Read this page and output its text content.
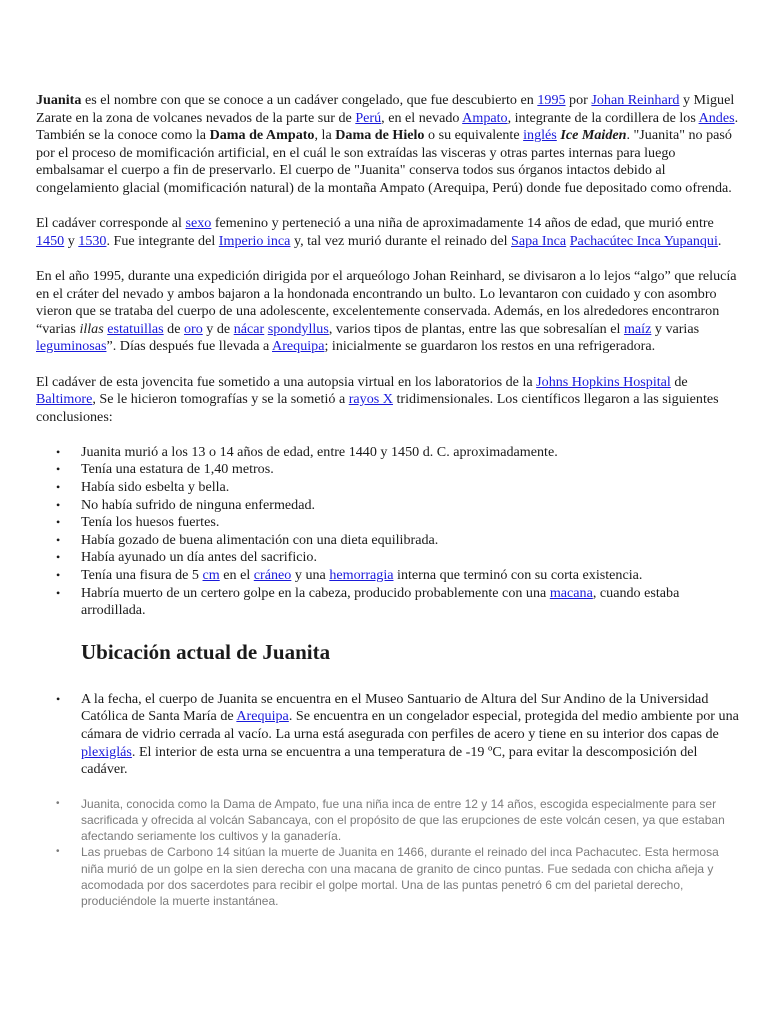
Juanita es el nombre con que se conoce a un cadáver congelado, que fue descubierto en 1995 por Johan Reinhard y Miguel Zarate en la zona de volcanes nevados de la parte sur de Perú, en el nevado Ampato, integrante de la cordillera de los Andes. También se la conoce como la Dama de Ampato, la Dama de Hielo o su equivalente inglés Ice Maiden. "Juanita" no pasó por el proceso de momificación artificial, en el cuál le son extraídas las visceras y otras partes internas para luego embalsamar el cuerpo a fin de preservarlo. El cuerpo de "Juanita" conserva todos sus órganos intactos debido al congelamiento glacial (momificación natural) de la montaña Ampato (Arequipa, Perú) donde fue depositado como ofrenda.

El cadáver corresponde al sexo femenino y perteneció a una niña de aproximadamente 14 años de edad, que murió entre 1450 y 1530. Fue integrante del Imperio inca y, tal vez murió durante el reinado del Sapa Inca Pachacútec Inca Yupanqui.

En el año 1995, durante una expedición dirigida por el arqueólogo Johan Reinhard, se divisaron a lo lejos “algo” que relucía en el cráter del nevado y ambos bajaron a la hondonada encontrando un bulto. Lo levantaron con cuidado y con asombro vieron que se trataba del cuerpo de una adolescente, excelentemente conservada. Además, en los alrededores encontraron “varias illas estatuillas de oro y de nácar spondyllus, varios tipos de plantas, entre las que sobresalían el maíz y varias leguminosas”. Días después fue llevada a Arequipa; inicialmente se guardaron los restos en una refrigeradora.

El cadáver de esta jovencita fue sometido a una autopsia virtual en los laboratorios de la Johns Hopkins Hospital de Baltimore, Se le hicieron tomografías y se la sometió a rayos X tridimensionales. Los científicos llegaron a las siguientes conclusiones:

• Juanita murió a los 13 o 14 años de edad, entre 1440 y 1450 d. C. aproximadamente.
• Tenía una estatura de 1,40 metros.
• Había sido esbelta y bella.
• No había sufrido de ninguna enfermedad.
• Tenía los huesos fuertes.
• Había gozado de buena alimentación con una dieta equilibrada.
• Había ayunado un día antes del sacrificio.
• Tenía una fisura de 5 cm en el cráneo y una hemorragia interna que terminó con su corta existencia.
• Habría muerto de un certero golpe en la cabeza, producido probablemente con una macana, cuando estaba arrodillada.
Ubicación actual de Juanita
• A la fecha, el cuerpo de Juanita se encuentra en el Museo Santuario de Altura del Sur Andino de la Universidad Católica de Santa María de Arequipa. Se encuentra en un congelador especial, protegida del medio ambiente por una cámara de vidrio cerrada al vacío. La urna está asegurada con perfiles de acero y tiene en su interior dos capas de plexiglás. El interior de esta urna se encuentra a una temperatura de -19 ºC, para evitar la descomposición del cadáver.
• Juanita, conocida como la Dama de Ampato, fue una niña inca de entre 12 y 14 años, escogida especialmente para ser sacrificada y ofrecida al volcán Sabancaya, con el propósito de que las erupciones de este volcán cesen, ya que estaban afectando seriamente los cultivos y la ganadería.
• Las pruebas de Carbono 14 sitúan la muerte de Juanita en 1466, durante el reinado del inca Pachacutec. Esta hermosa niña murió de un golpe en la sien derecha con una macana de granito de cinco puntas. Fue sedada con chicha añeja y acomodada por dos sacerdotes para recibir el golpe mortal. Una de las puntas penetró 6 cm del parietal derecho, produciéndole la muerte instantánea.
